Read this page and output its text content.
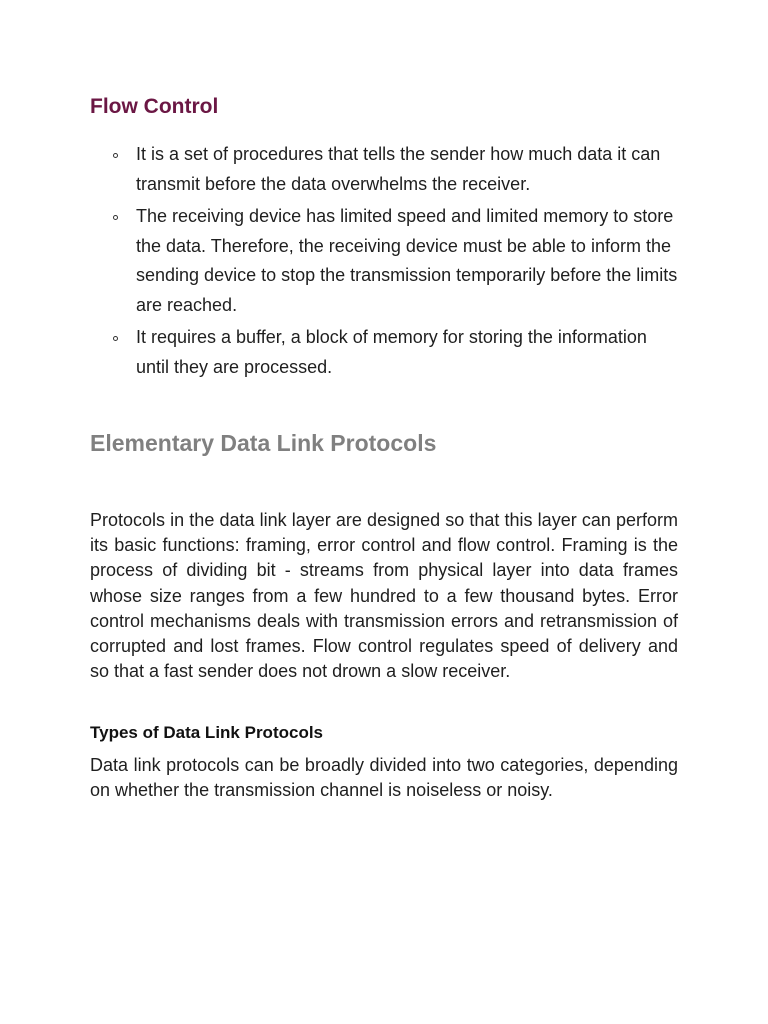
Flow Control
It is a set of procedures that tells the sender how much data it can transmit before the data overwhelms the receiver.
The receiving device has limited speed and limited memory to store the data. Therefore, the receiving device must be able to inform the sending device to stop the transmission temporarily before the limits are reached.
It requires a buffer, a block of memory for storing the information until they are processed.
Elementary Data Link Protocols

Protocols in the data link layer are designed so that this layer can perform its basic functions: framing, error control and flow control. Framing is the process of dividing bit - streams from physical layer into data frames whose size ranges from a few hundred to a few thousand bytes. Error control mechanisms deals with transmission errors and retransmission of corrupted and lost frames. Flow control regulates speed of delivery and so that a fast sender does not drown a slow receiver.

Types of Data Link Protocols

Data link protocols can be broadly divided into two categories, depending on whether the transmission channel is noiseless or noisy.
